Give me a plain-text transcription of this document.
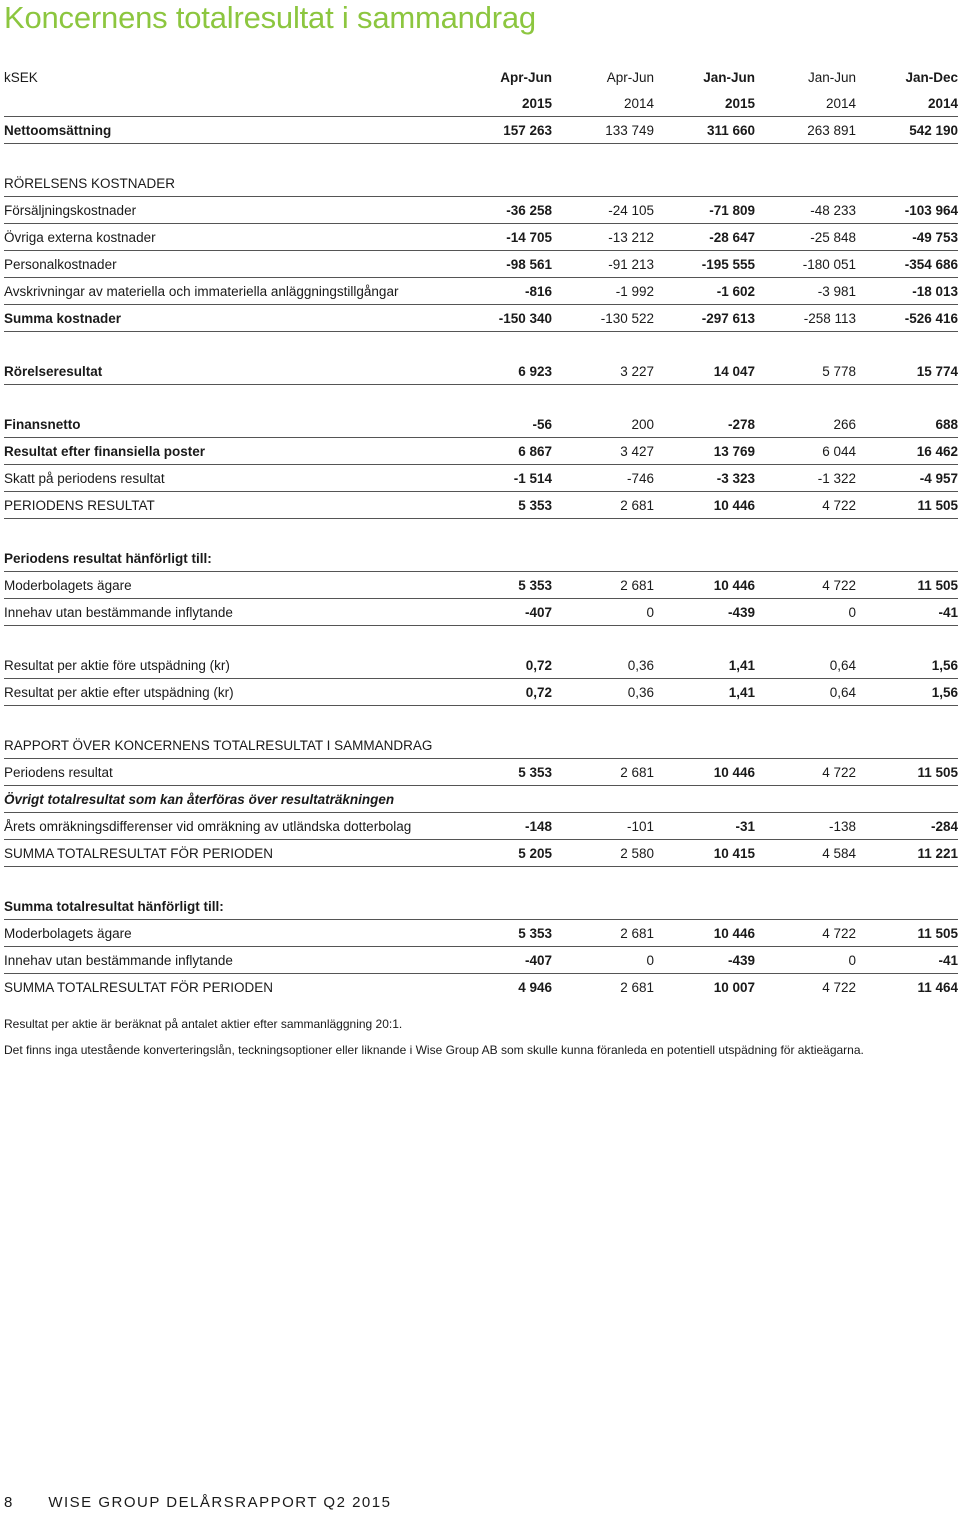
Koncernens totalresultat i sammandrag
kSEK	Apr-Jun	Apr-Jun	Jan-Jun	Jan-Jun	Jan-Dec
	2015	2014	2015	2014	2014
Nettoomsättning	157 263	133 749	311 660	263 891	542 190

RÖRELSENS KOSTNADER					
Försäljningskostnader	-36 258	-24 105	-71 809	-48 233	-103 964
Övriga externa kostnader	-14 705	-13 212	-28 647	-25 848	-49 753
Personalkostnader	-98 561	-91 213	-195 555	-180 051	-354 686
Avskrivningar av materiella och immateriella anläggningstillgångar	-816	-1 992	-1 602	-3 981	-18 013
Summa kostnader	-150 340	-130 522	-297 613	-258 113	-526 416

Rörelseresultat	6 923	3 227	14 047	5 778	15 774

Finansnetto	-56	200	-278	266	688
Resultat efter finansiella poster	6 867	3 427	13 769	6 044	16 462
Skatt på periodens resultat	-1 514	-746	-3 323	-1 322	-4 957
PERIODENS RESULTAT	5 353	2 681	10 446	4 722	11 505

Periodens resultat hänförligt till:					
Moderbolagets ägare	5 353	2 681	10 446	4 722	11 505
Innehav utan bestämmande inflytande	-407	0	-439	0	-41

Resultat per aktie före utspädning (kr)	0,72	0,36	1,41	0,64	1,56
Resultat per aktie efter utspädning (kr)	0,72	0,36	1,41	0,64	1,56

RAPPORT ÖVER KONCERNENS TOTALRESULTAT I SAMMANDRAG					
Periodens resultat	5 353	2 681	10 446	4 722	11 505
Övrigt totalresultat som kan återföras över resultaträkningen					
Årets omräkningsdifferenser vid omräkning av utländska dotterbolag	-148	-101	-31	-138	-284
SUMMA TOTALRESULTAT FÖR PERIODEN	5 205	2 580	10 415	4 584	11 221

Summa totalresultat hänförligt till:					
Moderbolagets ägare	5 353	2 681	10 446	4 722	11 505
Innehav utan bestämmande inflytande	-407	0	-439	0	-41
SUMMA TOTALRESULTAT FÖR PERIODEN	4 946	2 681	10 007	4 722	11 464

Resultat per aktie är beräknat på antalet aktier efter sammanläggning 20:1.

Det finns inga utestående konverteringslån, teckningsoptioner eller liknande i Wise Group AB som skulle kunna föranleda en potentiell utspädning för aktieägarna.

8 WISE GROUP DELÅRSRAPPORT Q2 2015
